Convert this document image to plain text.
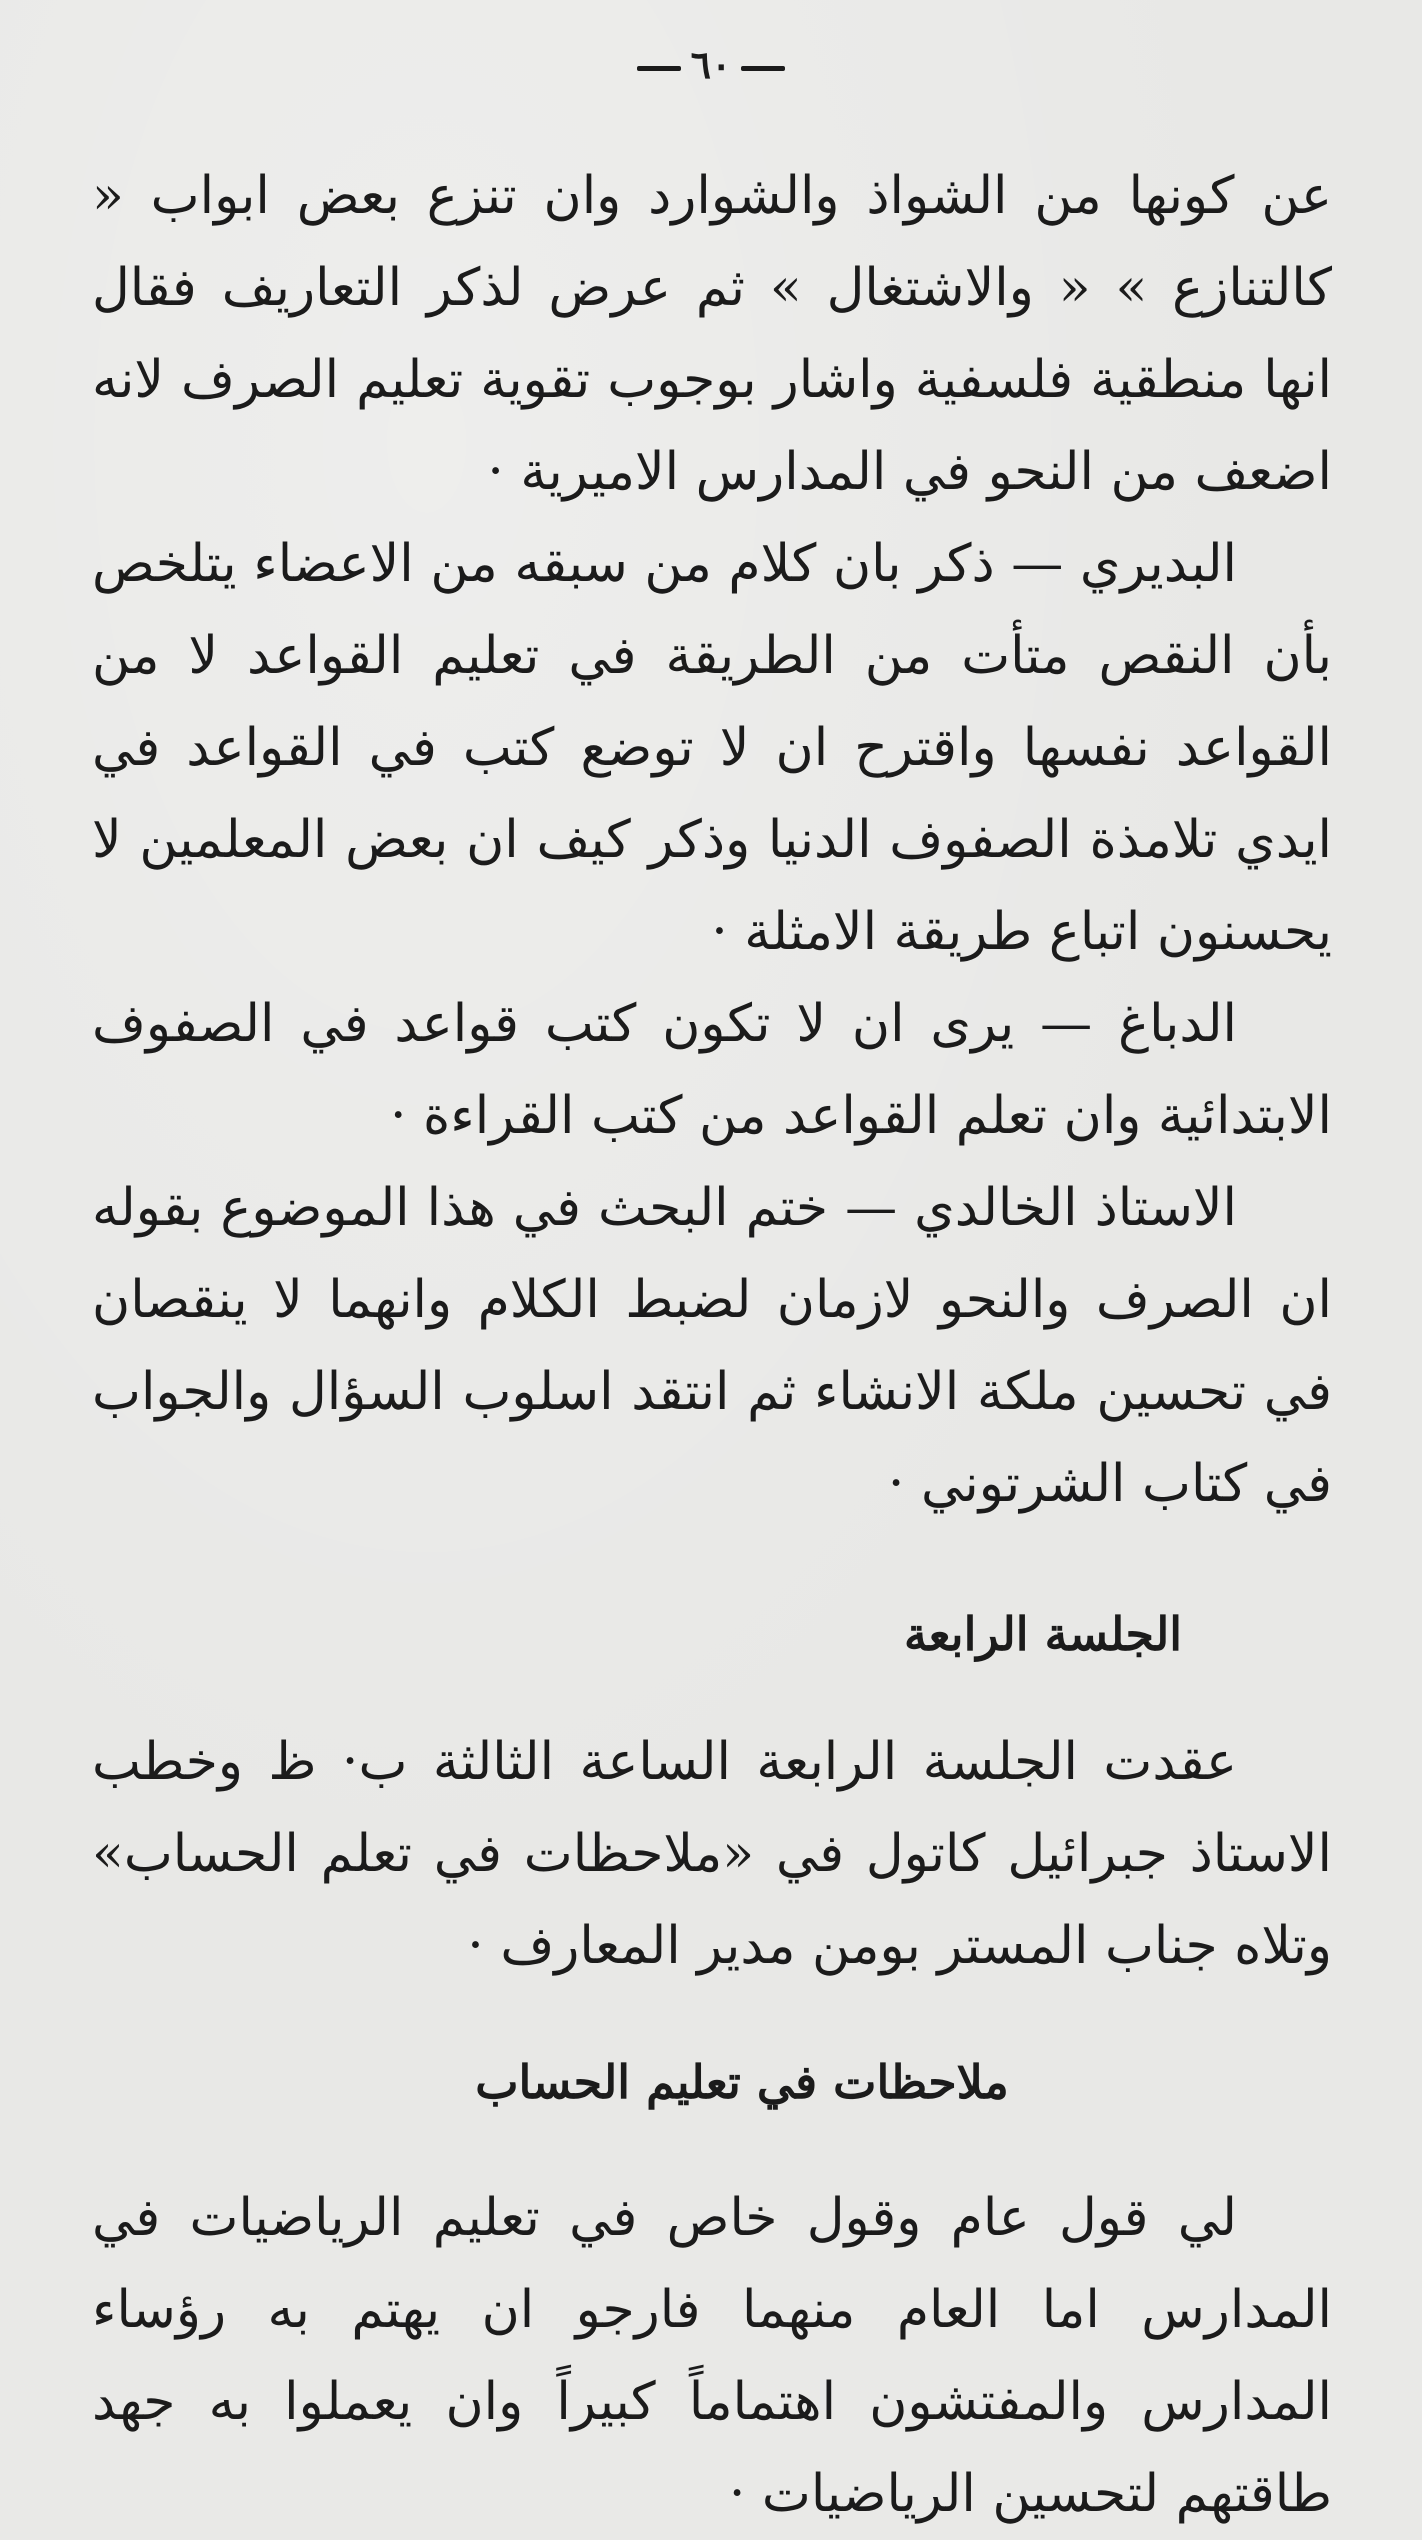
٦٠

عن كونها من الشواذ والشوارد وان تنزع بعض ابواب « كالتنازع » « والاشتغال » ثم عرض لذكر التعاريف فقال انها منطقية فلسفية واشار بوجوب تقوية تعليم الصرف لانه اضعف من النحو في المدارس الاميرية ·

البديري — ذكر بان كلام من سبقه من الاعضاء يتلخص بأن النقص متأت من الطريقة في تعليم القواعد لا من القواعد نفسها واقترح ان لا توضع كتب في القواعد في ايدي تلامذة الصفوف الدنيا وذكر كيف ان بعض المعلمين لا يحسنون اتباع طريقة الامثلة ·

الدباغ — يرى ان لا تكون كتب قواعد في الصفوف الابتدائية وان تعلم القواعد من كتب القراءة ·

الاستاذ الخالدي — ختم البحث في هذا الموضوع بقوله ان الصرف والنحو لازمان لضبط الكلام وانهما لا ينقصان في تحسين ملكة الانشاء ثم انتقد اسلوب السؤال والجواب في كتاب الشرتوني ·

الجلسة الرابعة

عقدت الجلسة الرابعة الساعة الثالثة ب· ظ وخطب الاستاذ جبرائيل كاتول في «ملاحظات في تعلم الحساب» وتلاه جناب المستر بومن مدير المعارف ·

ملاحظات في تعليم الحساب

لي قول عام وقول خاص في تعليم الرياضيات في المدارس اما العام منهما فارجو ان يهتم به رؤساء المدارس والمفتشون اهتماماً كبيراً وان يعملوا به جهد طاقتهم لتحسين الرياضيات ·
